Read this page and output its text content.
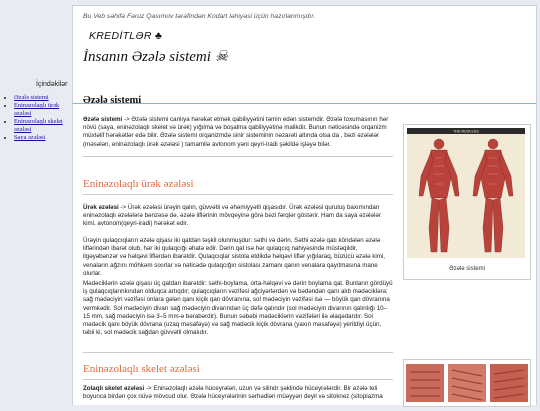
İçindəkilər
• Əzələ sistemi
• Eninəzolaqlı ürək əzələsi
• Eninəzolaqlı skelet əzələsi
• Saya əzələsi
Bu Veb səhifə Fəruz Qasımov tərəfindən Kodart ləhiyəsi üçün hazırlanmışdır.
KREDİTLƏR ♣
İnsanın Əzələ sistemi ☠
Əzələ sistemi
Əzələ sistemi -> Əzələ sistemi canlıya hərəkət etmək qabiliyyətini təmin edən sistemdir. Əzələ toxumasının hər növü (saya, eninəzolaqlı skelet və ürək) yığılma və boşalma qabiliyyətinə malikdir. Bunun nəticəsində orqanizm müxtəlif hərəkətlər edə bilir. Əzələ sistemi orqanizmdə sinir sisteminin nəzarəti altında olsa da , bəzi əzələlər (məsələn, eninəzolaqlı ürək əzələsi ) tamamilə avtonom yəni qeyri-iradi şəkildə işləyə bilər.
THE MUSCLES
Əzələ sistemi
Eninəzolaqlı ürək əzələsi
Ürək əzələsi -> Ürək əzələsi ürəyin qalın, güvvətli və əhəmiyyətli qişasıdır. Ürək əzələsi quruluş baxımından eninəzolaqlı əzələlərə bənzəsə də, əzələ liflərinin mövqeyinə görə bəzi fərqlər göstərir. Ham da saya əzələlər kimi, avtonom(qeyri-iradi) hərəkət edir.
Ürəyin qulaqcıqların əzələ qişası iki qatdan təşkil olunmuşdur: səthi və dərin. Səthi əzələ qatı köndələn əzələ liflərindən ibarət olub, hər iki qulaqcığı əhatə edir. Dərin qat isə hər qulaqcıq nahiyəsində müstəqildir, ilgəyəbənzər və həlqəvi liflərdən ibarətdir. Qulaqcıqlar sistola etdikdə həlqəvi liflər yığılaraq, büzücü əzələ kimi, venaların ağzını möhkəm sıxırlar və nəticədə qulaqcığın sistolası zamanı qanın venalara qayıtmasına mane olurlar.
Mədəciklərin əzələ qişası üç qatdan ibarətdir: səthi-boylama, orta-həlqəvi və dərin boylama qat. Bunların gördüyü iş qulaqcıqlarınkından olduqca artıqdır; qulaqcıqların vəzifəsi ağciyərlərdən və bədəndən qanı alıb mədəciklərə; sağ mədəciyin vəzifəsi onlara gələn qanı kiçik qan dövranına, sol mədəciyin vəzifəsi isə — böyük qan dövranına vermkədir. Sol mədəciyin divarı sağ mədəciyin divarından üç dəfə qalındır (sol mədəciyin divarının qalınlığı 10–15 mm, sağ mədəciyin isə 3–5 mm-ə bərabərdir). Bunun səbəbi mədəciklərin vəzifələri ilə əlaqədardır. Sol mədəcik qanı böyük dövrana (uzaq məsafəyə) və sağ mədəcik kiçik dövrana (yaxın məsafəyə) yeritdiyi üçün, təbii ki, sol mədəcik sağdan güvvətli olmalıdır.
Eninəzolaqlı skelet əzələsi
Zolaqlı skelet əzələsi -> Eninəzolaqlı əzələ hüceyrələri, uzun və silindr şəklində hüceyrələrdir. Bir əzələ teli boyunca birdən çox nüvə mövcud olur. Əzələ hüceyrələrinin sərhədləri müəyyən deyil və sitoknez (sitoplazma
